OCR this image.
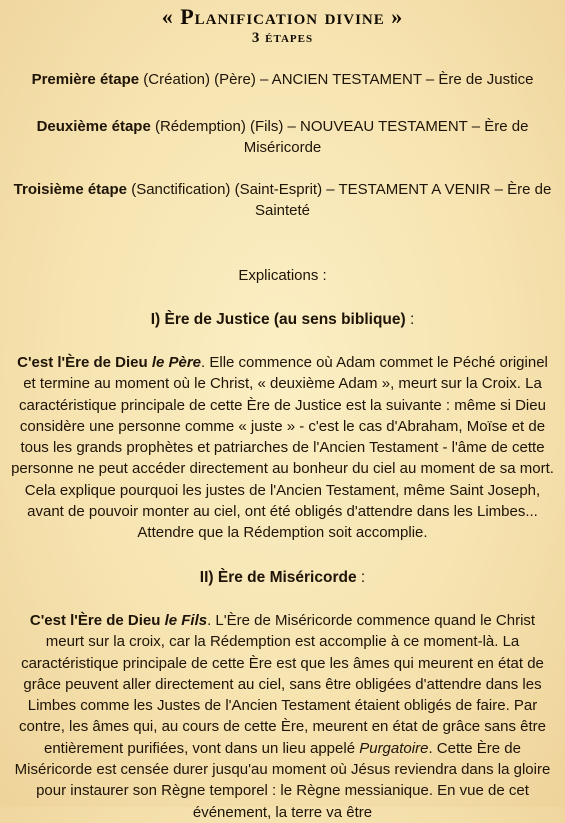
« Planification divine »
3 étapes
Première étape (Création) (Père) – ANCIEN TESTAMENT – Ère de Justice
Deuxième étape (Rédemption) (Fils) – NOUVEAU TESTAMENT – Ère de Miséricorde
Troisième étape (Sanctification) (Saint-Esprit) – TESTAMENT A VENIR – Ère de Sainteté
Explications :
I) Ère de Justice (au sens biblique) :
C'est l'Ère de Dieu le Père. Elle commence où Adam commet le Péché originel et termine au moment où le Christ, « deuxième Adam », meurt sur la Croix. La caractéristique principale de cette Ère de Justice est la suivante : même si Dieu considère une personne comme « juste » - c'est le cas d'Abraham, Moïse et de tous les grands prophètes et patriarches de l'Ancien Testament - l'âme de cette personne ne peut accéder directement au bonheur du ciel au moment de sa mort. Cela explique pourquoi les justes de l'Ancien Testament, même Saint Joseph, avant de pouvoir monter au ciel, ont été obligés d'attendre dans les Limbes... Attendre que la Rédemption soit accomplie.
II) Ère de Miséricorde :
C'est l'Ère de Dieu le Fils. L'Ère de Miséricorde commence quand le Christ meurt sur la croix, car la Rédemption est accomplie à ce moment-là. La caractéristique principale de cette Ère est que les âmes qui meurent en état de grâce peuvent aller directement au ciel, sans être obligées d'attendre dans les Limbes comme les Justes de l'Ancien Testament étaient obligés de faire. Par contre, les âmes qui, au cours de cette Ère, meurent en état de grâce sans être entièrement purifiées, vont dans un lieu appelé Purgatoire. Cette Ère de Miséricorde est censée durer jusqu'au moment où Jésus reviendra dans la gloire pour instaurer son Règne temporel : le Règne messianique. En vue de cet événement, la terre va être
